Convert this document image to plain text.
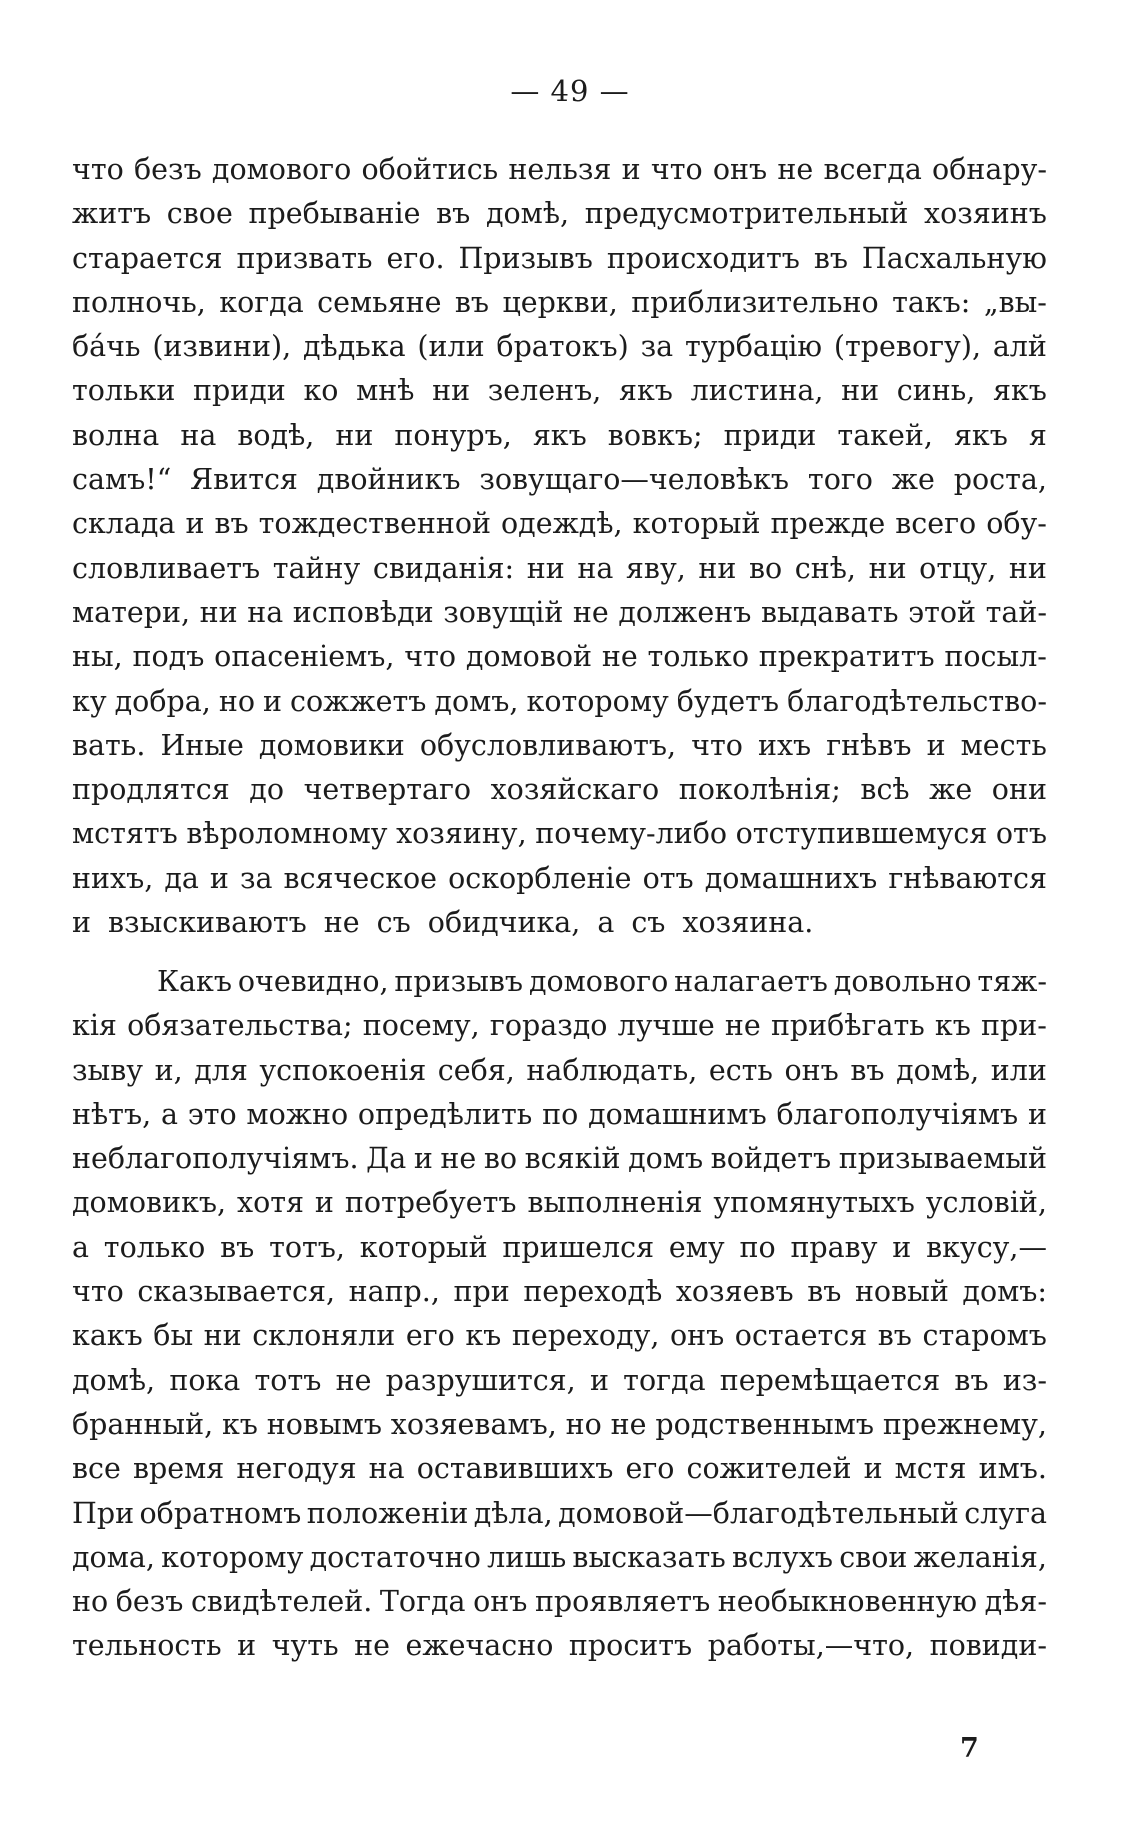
— 49 —
что безъ домового обойтись нельзя и что онъ не всегда обнару-
житъ свое пребываніе въ домѣ, предусмотрительный хозяинъ
старается призвать его. Призывъ происходитъ въ Пасхальную
полночь, когда семьяне въ церкви, приблизительно такъ: „вы-
бáчь (извини), дѣдька (или братокъ) за турбацію (тревогу), алй
тольки приди ко мнѣ ни зеленъ, якъ листина, ни синь, якъ
волна на водѣ, ни понуръ, якъ вовкъ; приди такей, якъ я
самъ!“ Явится двойникъ зовущаго—человѣкъ того же роста,
склада и въ тождественной одеждѣ, который прежде всего обу-
словливаетъ тайну свиданія: ни на яву, ни во снѣ, ни отцу, ни
матери, ни на исповѣди зовущій не долженъ выдавать этой тай-
ны, подъ опасеніемъ, что домовой не только прекратитъ посыл-
ку добра, но и сожжетъ домъ, которому будетъ благодѣтельство-
вать. Иные домовики обусловливаютъ, что ихъ гнѣвъ и месть
продлятся до четвертаго хозяйскаго поколѣнія; всѣ же они
мстятъ вѣроломному хозяину, почему-либо отступившемуся отъ
нихъ, да и за всяческое оскорбленіе отъ домашнихъ гнѣваются
и взыскиваютъ не съ обидчика, а съ хозяина.
Какъ очевидно, призывъ домового налагаетъ довольно тяж-
кія обязательства; посему, гораздо лучше не прибѣгать къ при-
зыву и, для успокоенія себя, наблюдать, есть онъ въ домѣ, или
нѣтъ, а это можно опредѣлить по домашнимъ благополучіямъ и
неблагополучіямъ. Да и не во всякій домъ войдетъ призываемый
домовикъ, хотя и потребуетъ выполненія упомянутыхъ условій,
а только въ тотъ, который пришелся ему по праву и вкусу,—
что сказывается, напр., при переходѣ хозяевъ въ новый домъ:
какъ бы ни склоняли его къ переходу, онъ остается въ старомъ
домѣ, пока тотъ не разрушится, и тогда перемѣщается въ из-
бранный, къ новымъ хозяевамъ, но не родственнымъ прежнему,
все время негодуя на оставившихъ его сожителей и мстя имъ.
При обратномъ положеніи дѣла, домовой—благодѣтельный слуга
дома, которому достаточно лишь высказать вслухъ свои желанія,
но безъ свидѣтелей. Тогда онъ проявляетъ необыкновенную дѣя-
тельность и чуть не ежечасно проситъ работы,—что, повиди-
7
